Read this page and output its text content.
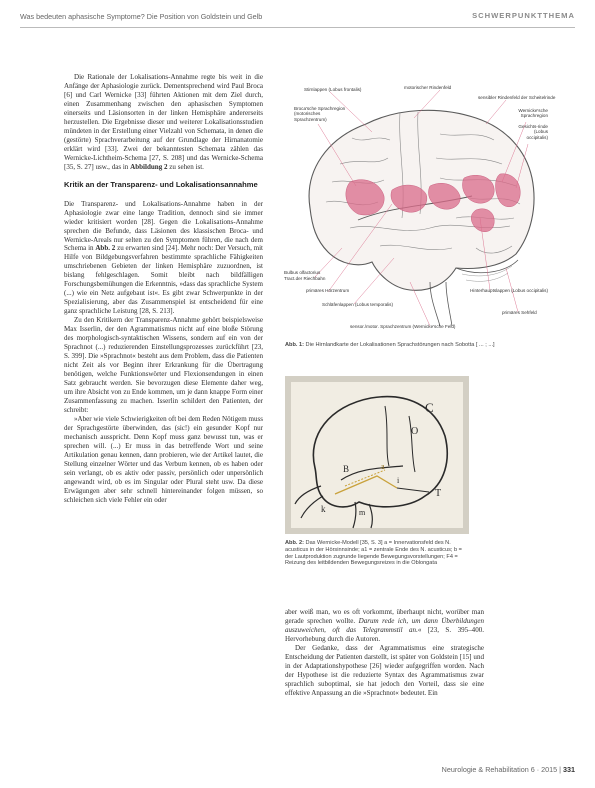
Was bedeuten aphasische Symptome? Die Position von Goldstein und Gelb	SCHWERPUNKTTHEMA

Die Rationale der Lokalisations-Annahme regte bis weit in die Anfänge der Aphasiologie zurück. Dementsprechend wird Paul Broca [6] und Carl Wernicke [33] führten Aktionen mit dem Ziel durch, einen Zusammenhang zwischen den aphasischen Symptomen einerseits und Läsionsorten in der linken Hemisphäre andererseits herzustellen. Die Ergebnisse dieser und weiterer Lokalisationsstudien mündeten in der Erstellung einer Vielzahl von Schemata, in denen die (gestörte) Sprachverarbeitung auf der Grundlage der Hirnanatomie erklärt wird [33]. Zwei der bekanntesten Schemata zählen das Wernicke-Lichtheim-Schema [27, S. 208] und das Wernicke-Schema [35, S. 27] usw., das in Abbildung 2 zu sehen ist.

Kritik an der Transparenz- und Lokalisationsannahme

Die Transparenz- und Lokalisations-Annahme haben in der Aphasiologie zwar eine lange Tradition, dennoch sind sie immer wieder kritisiert worden [28]. Gegen die Lokalisations-Annahme sprechen die Befunde, dass Läsionen des klassischen Broca- und Wernicke-Areals nur selten zu den Symptomen führen, die nach dem Schema in Abb. 2 zu erwarten sind [24]. Mehr noch: Der Versuch, mit Hilfe von Bildgebungsverfahren bestimmte sprachliche Fähigkeiten umschriebenen Gebieten der linken Hemisphäre zuzuordnen, ist bislang fehlgeschlagen. Somit bleibt nach bildfälligen Forschungsbemühungen die Erkenntnis, »dass das sprachliche System (...) wie ein Netz aufgebaut ist«. Es gibt zwar Schwerpunkte in der Spezialisierung, aber das Zusammenspiel ist entscheidend für eine ganz sprachliche Leistung [28, S. 213].

Zu den Kritikern der Transparenz-Annahme gehört beispielsweise Max Isserlin, der den Agrammatismus nicht auf eine bloße Störung des morphologisch-syntaktischen Wissens, sondern auf ein von der Sprachnot (...) reduzierenden Einstellungsprozesses zurückführt [23, S. 399]. Die »Sprachnot« besteht aus dem Problem, dass die Patienten nicht Zeit als vor Beginn ihrer Erkrankung für die Übertragung benötigen, welche Funktionswörter und Flexionsendungen in einen Satz gebraucht werden. Sie bevorzugen diese Elemente daher weg, um ihre Absicht von zu Ende kommen, um je dann knappe Form einer Zusammenfassung zu machen. Isserlin schildert den Patienten, der schreibt:

»Aber wie viele Schwierigkeiten oft bei dem Reden Nötigem muss der Sprachgestörte überwinden, das (sic!) ein gesunder Kopf nur mechanisch ausspricht. Denn Kopf muss ganz bewusst tun, was er sprechen will. (...) Er muss in das betreffende Wort und seine Artikulation genau kennen, dann probieren, wie der Artikel lautet, die Stellung einzelner Wörter und das Verbum kennen, ob es haben oder sein verlangt, ob es aktiv oder passiv, persönlich oder unpersönlich angewandt wird, ob es im Singular oder Plural steht usw. Da diese Erwägungen aber sehr schnell hintereinander folgen müssen, so schleichen sich viele Fehler ein oder

Stirnlappen (Lobus frontalis)	motorischer Rindenfeld
sensibler Rindenfeld der Scheitelrinde
Broca'sche Sprachregion (motorisches Sprachzentrum)
Wernicke'sche Sprachregion
Gesichts-rinde (Lobus occipitalis)
Bulbus olfactorius
Tract.der Riechbahn
primäres Hörzentrum
Schläfenlappen (Lobus temporalis)
Hinterhauptslappen (Lobus occipitalis)
primäres Sehfeld
sensor./motor. Sprachzentrum (Wernicke'sche Feld)
Abb. 1: Die Hirnlandkarte der Lokalisationen Sprachstörungen nach Sobotta [ ... ; ...]
C
O
B	a
T
k	m
i
Abb. 2: Das Wernicke-Modell [35, S. 3] a = Innervationsfeld des N. acusticus in der Hörsinnsinde; a1 = zentrale Ende des N. acusticus; b = der Lautproduktion zugrunde liegende Bewegungsvorstellungen; F4 = Reizung des leitbildenden Bewegungsreizes in die Oblongata

aber weiß man, wo es oft vorkommt, überhaupt nicht, worüber man gerade sprechen wollte. Darum rede ich, um dann Überbildungen auszuweichen, oft das Telegrammstil an.« [23, S. 395–400. Hervorhebung durch die Autoren.

Der Gedanke, dass der Agrammatismus eine strategische Entscheidung der Patienten darstellt, ist später von Goldstein [15] und in der Adaptationshypothese [26] wieder aufgegriffen worden. Nach der Hypothese ist die reduzierte Syntax des Agrammatismus zwar sprachlich suboptimal, sie hat jedoch den Vorteil, dass sie eine effektive Anpassung an die »Sprachnot« bedeutet. Ein

Neurologie & Rehabilitation 6 · 2015 | 331
